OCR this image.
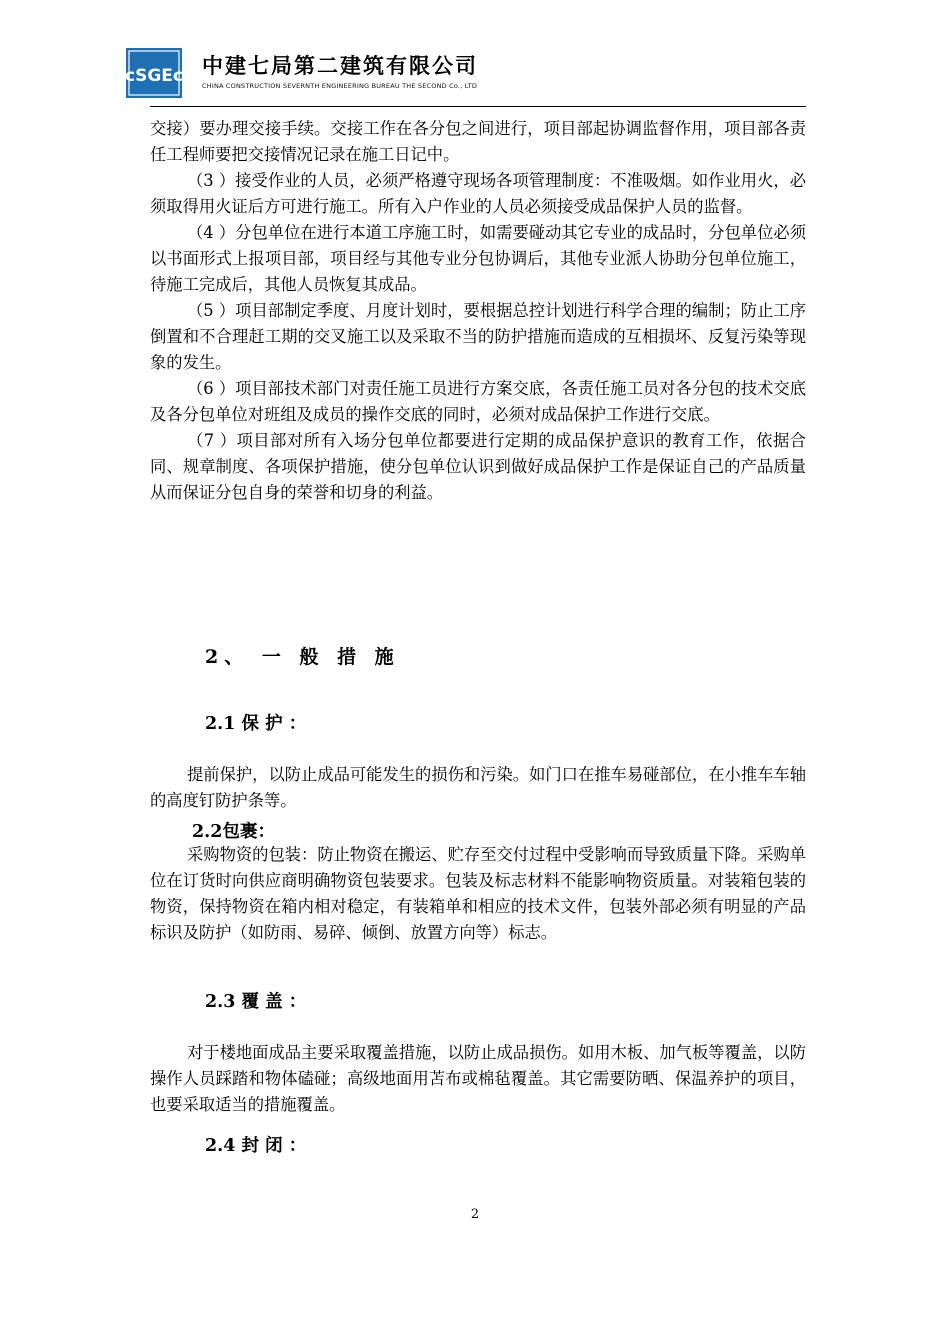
cSGEc 中建七局第二建筑有限公司
CHINA CONSTRUCTION SEVERNTH ENGINEERING BUREAU THE SECOND Co., LTD

交接）要办理交接手续。交接工作在各分包之间进行，项目部起协调监督作用，项目部各责任工程师要把交接情况记录在施工日记中。

（3 ）接受作业的人员，必须严格遵守现场各项管理制度：不准吸烟。如作业用火，必须取得用火证后方可进行施工。所有入户作业的人员必须接受成品保护人员的监督。

（4 ）分包单位在进行本道工序施工时，如需要碰动其它专业的成品时，分包单位必须以书面形式上报项目部，项目经与其他专业分包协调后，其他专业派人协助分包单位施工，待施工完成后，其他人员恢复其成品。

（5 ）项目部制定季度、月度计划时，要根据总控计划进行科学合理的编制；防止工序倒置和不合理赶工期的交叉施工以及采取不当的防护措施而造成的互相损坏、反复污染等现象的发生。

（6 ）项目部技术部门对责任施工员进行方案交底，各责任施工员对各分包的技术交底及各分包单位对班组及成员的操作交底的同时，必须对成品保护工作进行交底。

（7 ）项目部对所有入场分包单位都要进行定期的成品保护意识的教育工作，依据合同、规章制度、各项保护措施，使分包单位认识到做好成品保护工作是保证自己的产品质量从而保证分包自身的荣誉和切身的利益。

2、 一 般 措 施
2.1 保 护 ：

提前保护，以防止成品可能发生的损伤和污染。如门口在推车易碰部位，在小推车车轴的高度钉防护条等。

2.2包裹：

采购物资的包装：防止物资在搬运、贮存至交付过程中受影响而导致质量下降。采购单位在订货时向供应商明确物资包装要求。包装及标志材料不能影响物资质量。对装箱包装的物资，保持物资在箱内相对稳定，有装箱单和相应的技术文件，包装外部必须有明显的产品标识及防护（如防雨、易碎、倾倒、放置方向等）标志。

2.3 覆 盖 ：

对于楼地面成品主要采取覆盖措施，以防止成品损伤。如用木板、加气板等覆盖，以防操作人员踩踏和物体磕碰；高级地面用苫布或棉毡覆盖。其它需要防晒、保温养护的项目，也要采取适当的措施覆盖。

2.4 封 闭 ：
2
